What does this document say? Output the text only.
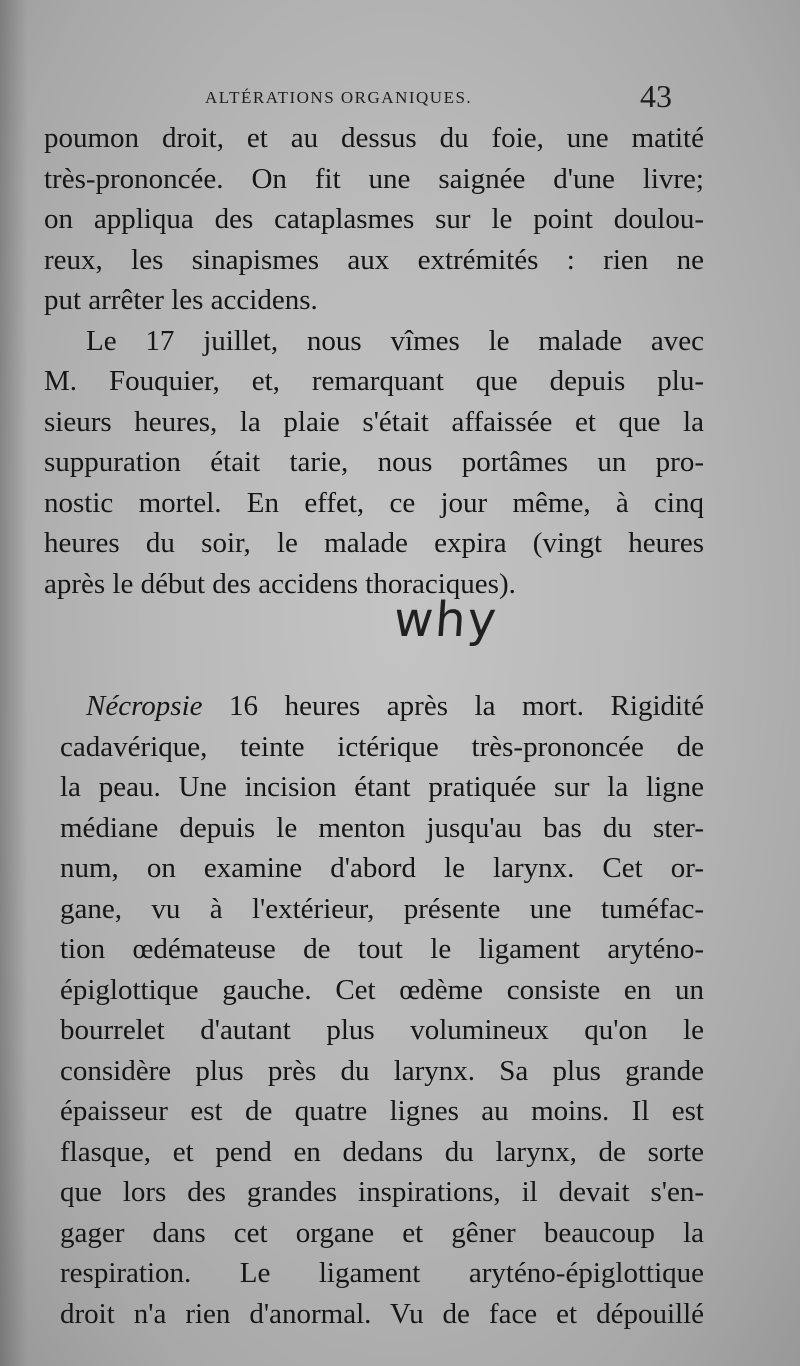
ALTÉRATIONS ORGANIQUES.	43
poumon droit, et au dessus du foie, une matité
très-prononcée. On fit une saignée d'une livre;
on appliqua des cataplasmes sur le point doulou-
reux, les sinapismes aux extrémités : rien ne
put arrêter les accidens.
Le 17 juillet, nous vîmes le malade avec
M. Fouquier, et, remarquant que depuis plu-
sieurs heures, la plaie s'était affaissée et que la
suppuration était tarie, nous portâmes un pro-
nostic mortel. En effet, ce jour même, à cinq
heures du soir, le malade expira (vingt heures
après le début des accidens thoraciques).
why
Nécropsie 16 heures après la mort. Rigidité
cadavérique, teinte ictérique très-prononcée de
la peau. Une incision étant pratiquée sur la ligne
médiane depuis le menton jusqu'au bas du ster-
num, on examine d'abord le larynx. Cet or-
gane, vu à l'extérieur, présente une tuméfac-
tion œdémateuse de tout le ligament aryténo-
épiglottique gauche. Cet œdème consiste en un
bourrelet d'autant plus volumineux qu'on le
considère plus près du larynx. Sa plus grande
épaisseur est de quatre lignes au moins. Il est
flasque, et pend en dedans du larynx, de sorte
que lors des grandes inspirations, il devait s'en-
gager dans cet organe et gêner beaucoup la
respiration. Le ligament aryténo-épiglottique
droit n'a rien d'anormal. Vu de face et dépouillé
